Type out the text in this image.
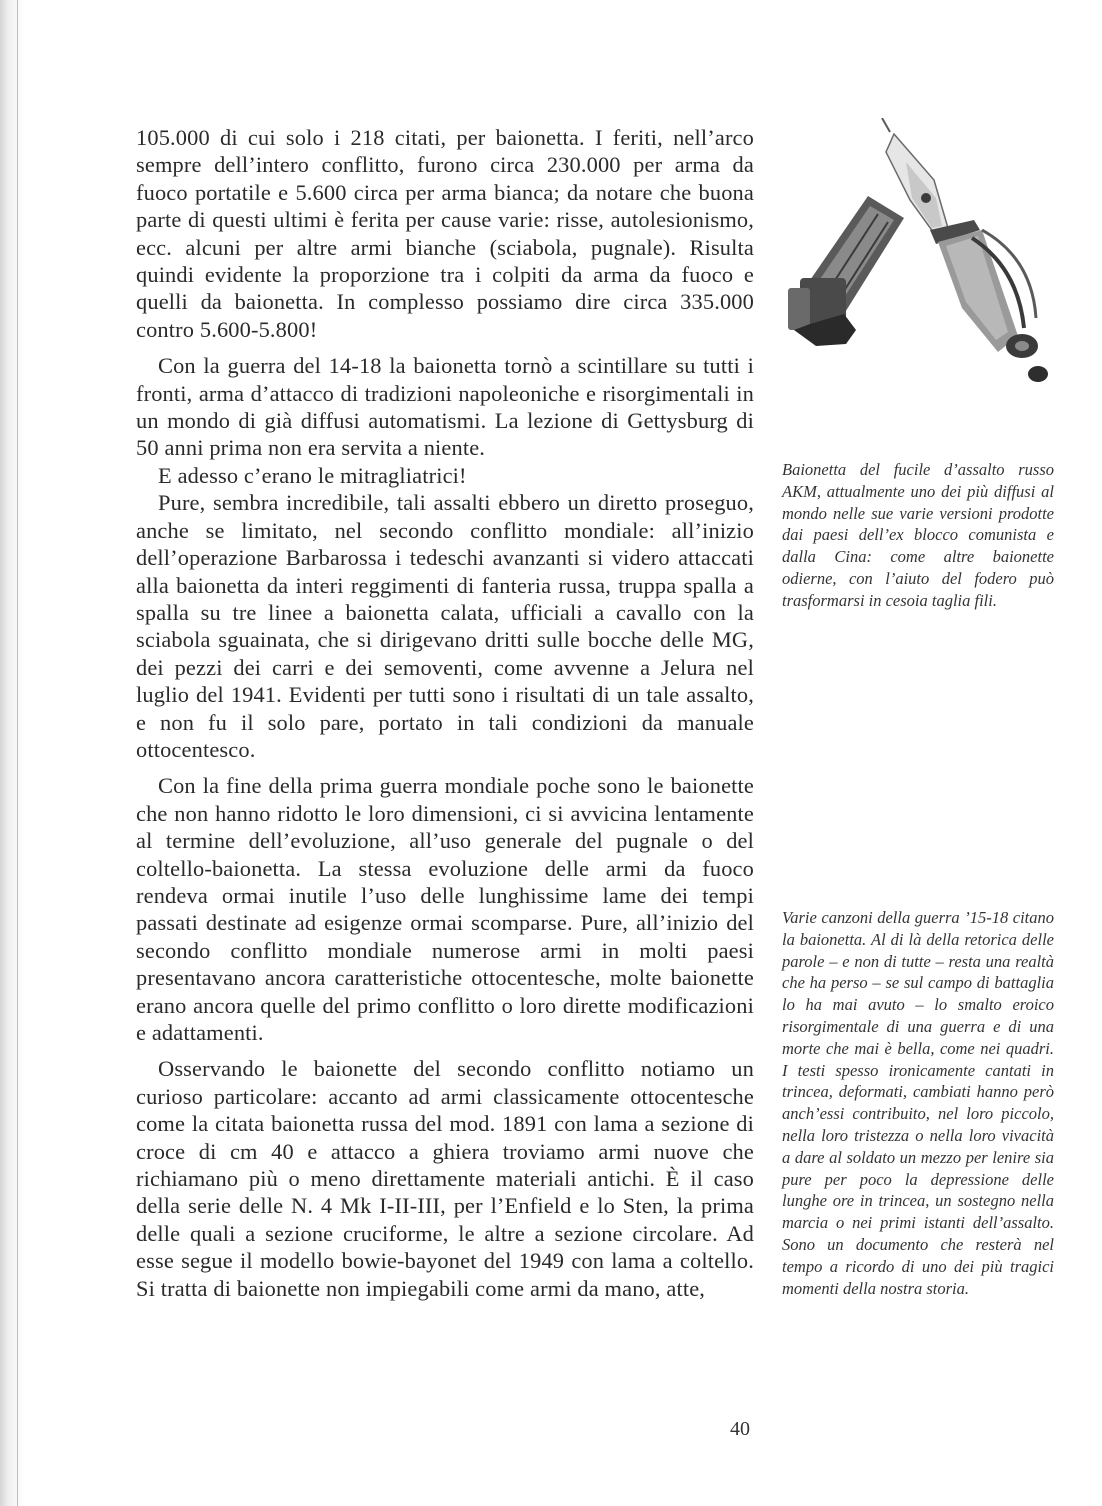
105.000 di cui solo i 218 citati, per baionetta. I feriti, nell’arco sempre dell’intero conflitto, furono circa 230.000 per arma da fuoco portatile e 5.600 circa per arma bianca; da notare che buona parte di questi ultimi è ferita per cause varie: risse, autolesionismo, ecc. alcuni per altre armi bianche (sciabola, pugnale). Risulta quindi evidente la proporzione tra i colpiti da arma da fuoco e quelli da baionetta. In complesso possiamo dire circa 335.000 contro 5.600-5.800!

Con la guerra del 14-18 la baionetta tornò a scintillare su tutti i fronti, arma d’attacco di tradizioni napoleoniche e risorgimentali in un mondo di già diffusi automatismi. La lezione di Gettysburg di 50 anni prima non era servita a niente.

E adesso c’erano le mitragliatrici!

Pure, sembra incredibile, tali assalti ebbero un diretto proseguo, anche se limitato, nel secondo conflitto mondiale: all’inizio dell’operazione Barbarossa i tedeschi avanzanti si videro attaccati alla baionetta da interi reggimenti di fanteria russa, truppa spalla a spalla su tre linee a baionetta calata, ufficiali a cavallo con la sciabola sguainata, che si dirigevano dritti sulle bocche delle MG, dei pezzi dei carri e dei semoventi, come avvenne a Jelura nel luglio del 1941. Evidenti per tutti sono i risultati di un tale assalto, e non fu il solo pare, portato in tali condizioni da manuale ottocentesco.

Con la fine della prima guerra mondiale poche sono le baionette che non hanno ridotto le loro dimensioni, ci si avvicina lentamente al termine dell’evoluzione, all’uso generale del pugnale o del coltello-baionetta. La stessa evoluzione delle armi da fuoco rendeva ormai inutile l’uso delle lunghissime lame dei tempi passati destinate ad esigenze ormai scomparse. Pure, all’inizio del secondo conflitto mondiale numerose armi in molti paesi presentavano ancora caratteristiche ottocentesche, molte baionette erano ancora quelle del primo conflitto o loro dirette modificazioni e adattamenti.

Osservando le baionette del secondo conflitto notiamo un curioso particolare: accanto ad armi classicamente ottocentesche come la citata baionetta russa del mod. 1891 con lama a sezione di croce di cm 40 e attacco a ghiera troviamo armi nuove che richiamano più o meno direttamente materiali antichi. È il caso della serie delle N. 4 Mk I-II-III, per l’Enfield e lo Sten, la prima delle quali a sezione cruciforme, le altre a sezione circolare. Ad esse segue il modello bowie-bayonet del 1949 con lama a coltello. Si tratta di baionette non impiegabili come armi da mano, atte,

Baionetta del fucile d’assalto russo AKM, attualmente uno dei più diffusi al mondo nelle sue varie versioni prodotte dai paesi dell’ex blocco comunista e dalla Cina: come altre baionette odierne, con l’aiuto del fodero può trasformarsi in cesoia taglia fili.
Varie canzoni della guerra ’15-18 citano la baionetta. Al di là della retorica delle parole – e non di tutte – resta una realtà che ha perso – se sul campo di battaglia lo ha mai avuto – lo smalto eroico risorgimentale di una guerra e di una morte che mai è bella, come nei quadri. I testi spesso ironicamente cantati in trincea, deformati, cambiati hanno però anch’essi contribuito, nel loro piccolo, nella loro tristezza o nella loro vivacità a dare al soldato un mezzo per lenire sia pure per poco la depressione delle lunghe ore in trincea, un sostegno nella marcia o nei primi istanti dell’assalto. Sono un documento che resterà nel tempo a ricordo di uno dei più tragici momenti della nostra storia.
40
